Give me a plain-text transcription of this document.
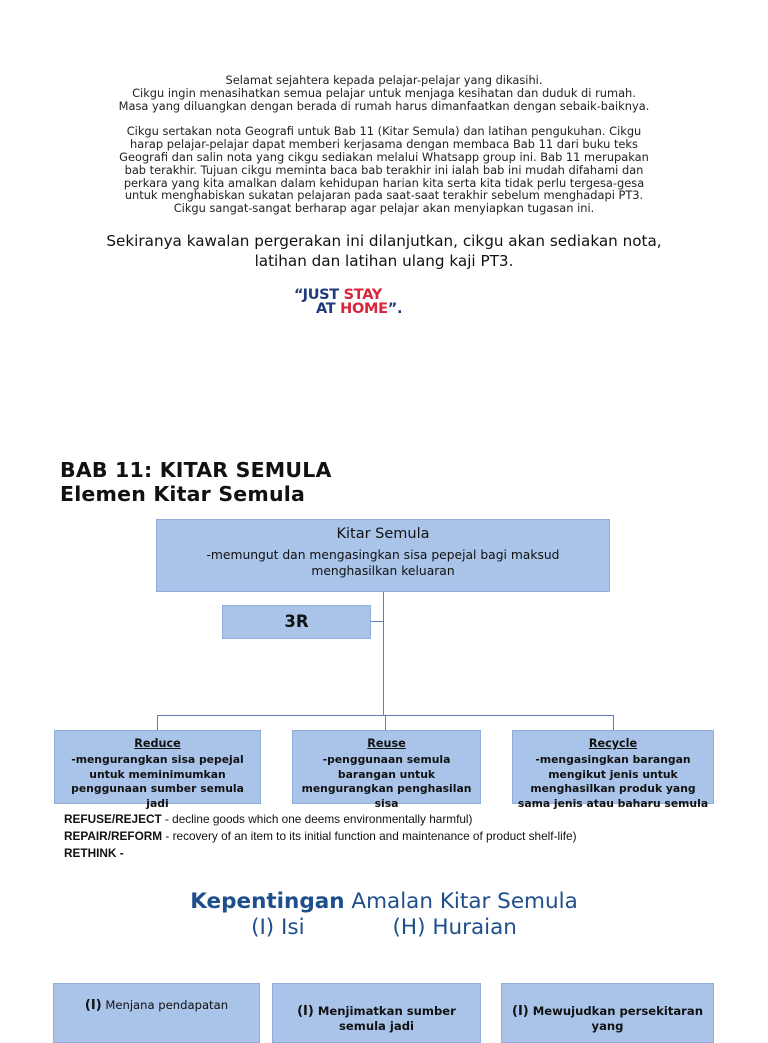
Selamat sejahtera kepada pelajar-pelajar yang dikasihi.
Cikgu ingin menasihatkan semua pelajar untuk menjaga kesihatan dan duduk di rumah.
Masa yang diluangkan dengan berada di rumah harus dimanfaatkan dengan sebaik-baiknya.

Cikgu sertakan nota Geografi untuk Bab 11 (Kitar Semula) dan latihan pengukuhan. Cikgu
harap pelajar-pelajar dapat memberi kerjasama dengan membaca Bab 11 dari buku teks
Geografi dan salin nota yang cikgu sediakan melalui Whatsapp group ini. Bab 11 merupakan
bab terakhir. Tujuan cikgu meminta baca bab terakhir ini ialah bab ini mudah difahami dan
perkara yang kita amalkan dalam kehidupan harian kita serta kita tidak perlu tergesa-gesa
untuk menghabiskan sukatan pelajaran pada saat-saat terakhir sebelum menghadapi PT3.
Cikgu sangat-sangat berharap agar pelajar akan menyiapkan tugasan ini.

Sekiranya kawalan pergerakan ini dilanjutkan, cikgu akan sediakan nota,
latihan dan latihan ulang kaji PT3.
“JUST STAY
AT HOME”.
BAB 11: KITAR SEMULA
Elemen Kitar Semula
Kitar Semula
-memungut dan mengasingkan sisa pepejal bagi maksud
menghasilkan keluaran
3R
Reduce
-mengurangkan sisa pepejal untuk meminimumkan penggunaan sumber semula jadi
Reuse
-penggunaan semula barangan untuk mengurangkan penghasilan sisa
Recycle
-mengasingkan barangan mengikut jenis untuk menghasilkan produk yang sama jenis atau baharu semula
REFUSE/REJECT - decline goods which one deems environmentally harmful)
REPAIR/REFORM - recovery of an item to its initial function and maintenance of product shelf-life)
RETHINK -
Kepentingan Amalan Kitar Semula
(I) Isi	(H) Huraian
(I) Menjana pendapatan	(I) Menjimatkan sumber semula jadi
(I) Mewujudkan persekitaran yang
